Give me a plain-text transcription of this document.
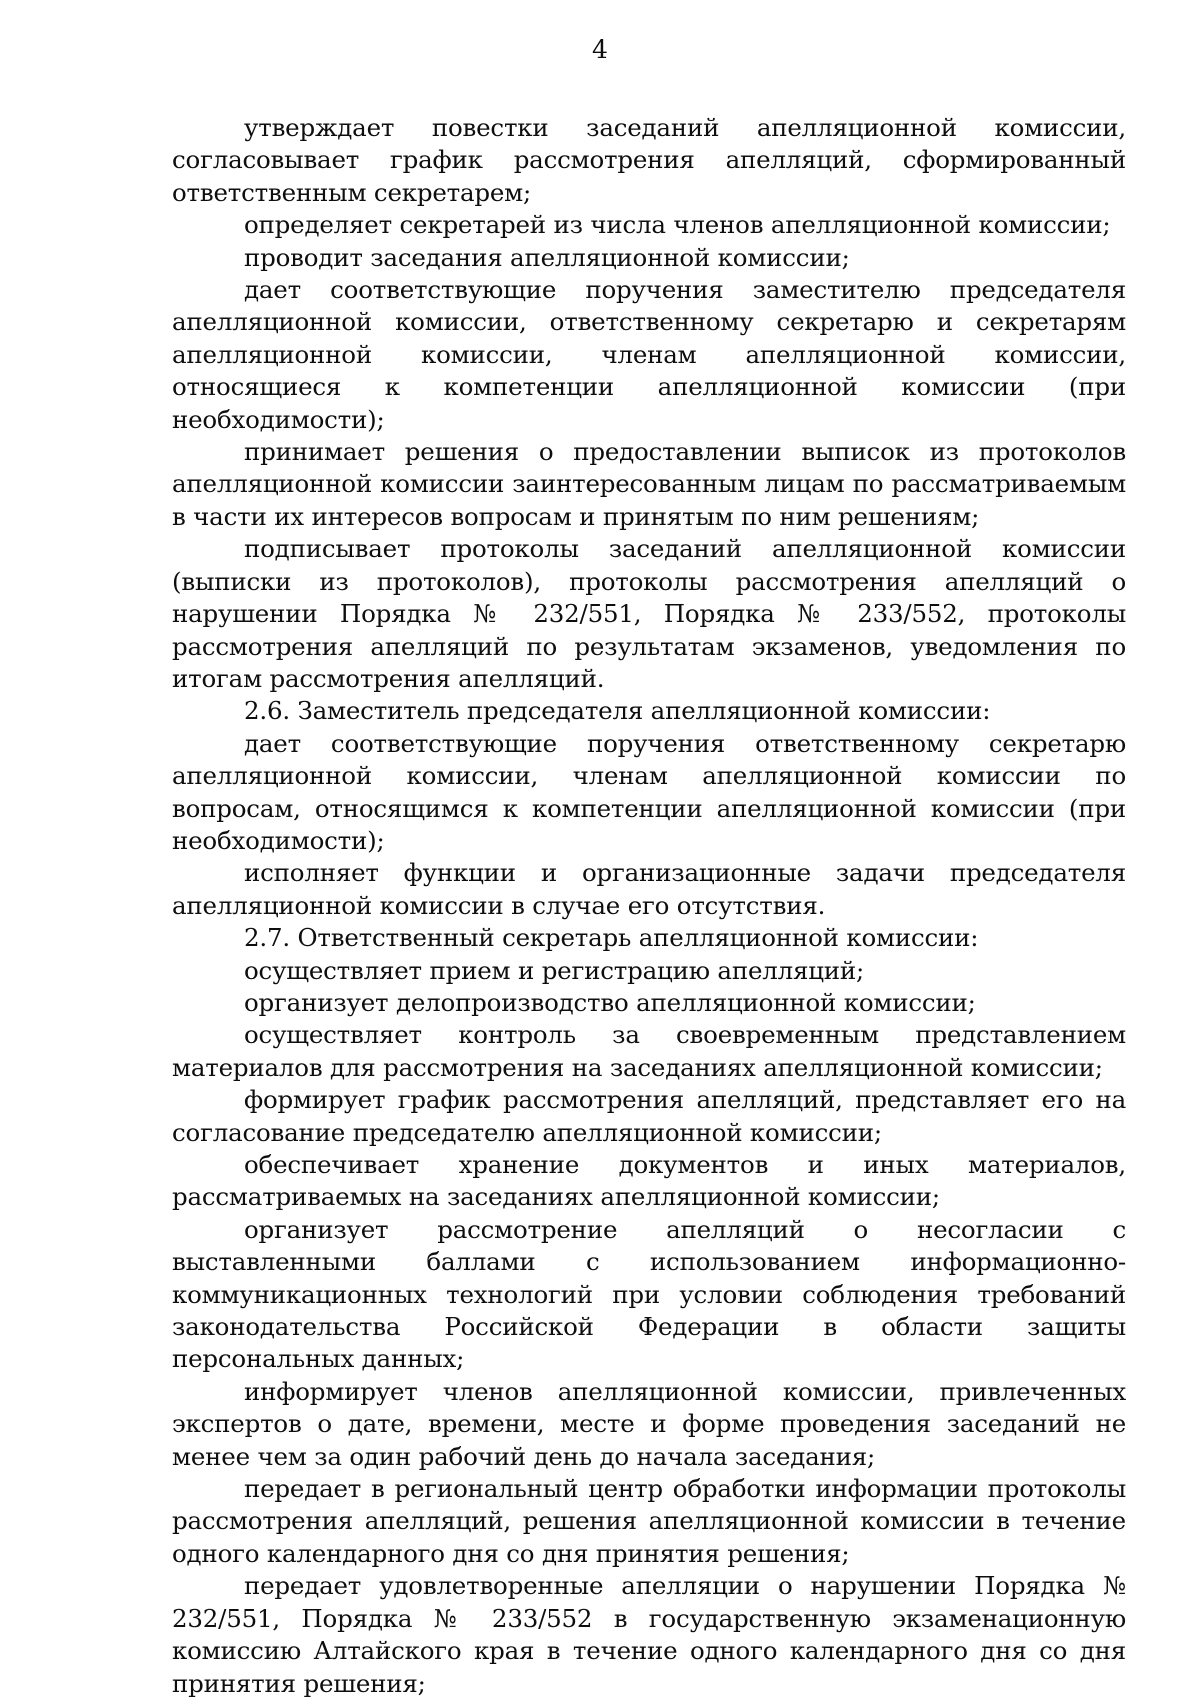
4

утверждает повестки заседаний апелляционной комиссии, согласовывает график рассмотрения апелляций, сформированный ответственным секретарем;

определяет секретарей из числа членов апелляционной комиссии;

проводит заседания апелляционной комиссии;

дает соответствующие поручения заместителю председателя апелляционной комиссии, ответственному секретарю и секретарям апелляционной комиссии, членам апелляционной комиссии, относящиеся к компетенции апелляционной комиссии (при необходимости);

принимает решения о предоставлении выписок из протоколов апелляционной комиссии заинтересованным лицам по рассматриваемым в части их интересов вопросам и принятым по ним решениям;

подписывает протоколы заседаний апелляционной комиссии (выписки из протоколов), протоколы рассмотрения апелляций о нарушении Порядка № 232/551, Порядка № 233/552, протоколы рассмотрения апелляций по результатам экзаменов, уведомления по итогам рассмотрения апелляций.

2.6. Заместитель председателя апелляционной комиссии:

дает соответствующие поручения ответственному секретарю апелляционной комиссии, членам апелляционной комиссии по вопросам, относящимся к компетенции апелляционной комиссии (при необходимости);

исполняет функции и организационные задачи председателя апелляционной комиссии в случае его отсутствия.

2.7. Ответственный секретарь апелляционной комиссии:

осуществляет прием и регистрацию апелляций;

организует делопроизводство апелляционной комиссии;

осуществляет контроль за своевременным представлением материалов для рассмотрения на заседаниях апелляционной комиссии;

формирует график рассмотрения апелляций, представляет его на согласование председателю апелляционной комиссии;

обеспечивает хранение документов и иных материалов, рассматриваемых на заседаниях апелляционной комиссии;

организует рассмотрение апелляций о несогласии с выставленными баллами с использованием информационно-коммуникационных технологий при условии соблюдения требований законодательства Российской Федерации в области защиты персональных данных;

информирует членов апелляционной комиссии, привлеченных экспертов о дате, времени, месте и форме проведения заседаний не менее чем за один рабочий день до начала заседания;

передает в региональный центр обработки информации протоколы рассмотрения апелляций, решения апелляционной комиссии в течение одного календарного дня со дня принятия решения;

передает удовлетворенные апелляции о нарушении Порядка № 232/551, Порядка № 233/552 в государственную экзаменационную комиссию Алтайского края в течение одного календарного дня со дня принятия решения;
